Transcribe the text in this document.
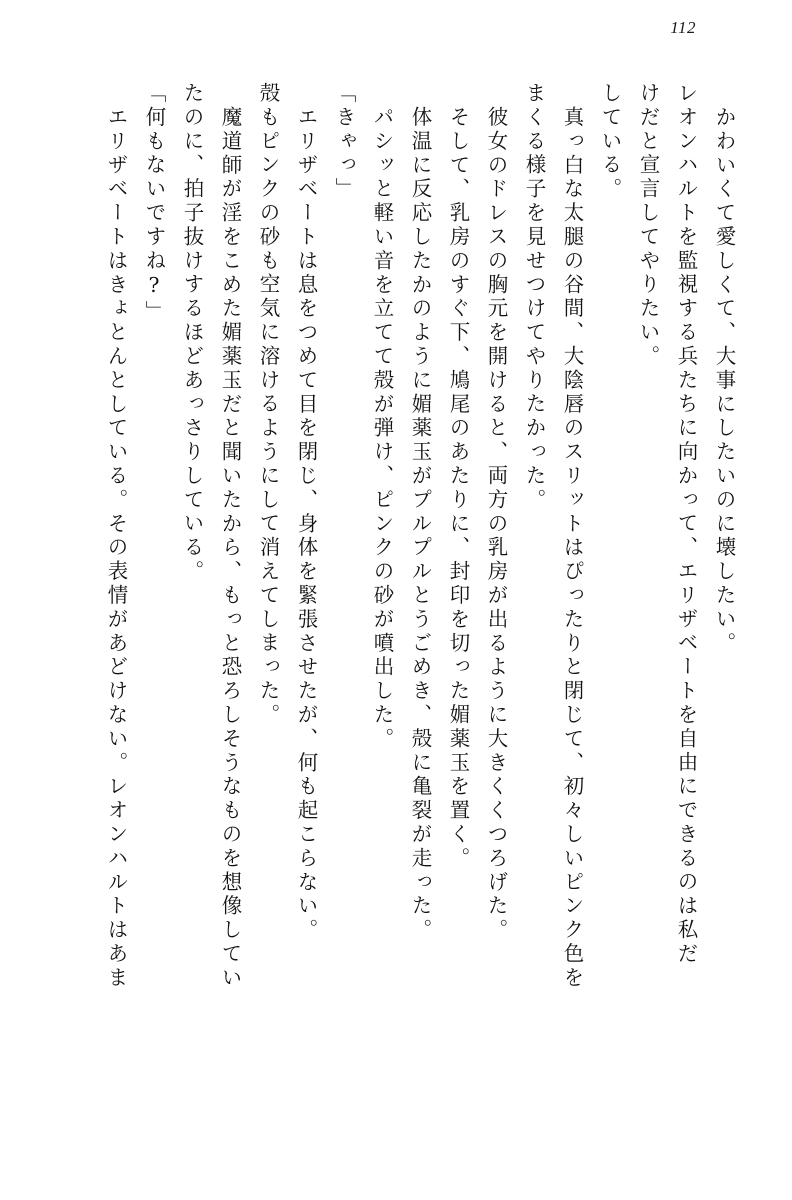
112
かわいくて愛しくて、大事にしたいのに壊したい。
レオンハルトを監視する兵たちに向かって、エリザベートを自由にできるのは私だ
けだと宣言してやりたい。
している。
真っ白な太腿の谷間、大陰唇のスリットはぴったりと閉じて、初々しいピンク色を
まくる様子を見せつけてやりたかった。
彼女のドレスの胸元を開けると、両方の乳房が出るように大きくくつろげた。
そして、乳房のすぐ下、鳩尾のあたりに、封印を切った媚薬玉を置く。
体温に反応したかのように媚薬玉がプルプルとうごめき、殻に亀裂が走った。
パシッと軽い音を立てて殻が弾け、ピンクの砂が噴出した。
「きゃっ」
エリザベートは息をつめて目を閉じ、身体を緊張させたが、何も起こらない。
殻もピンクの砂も空気に溶けるようにして消えてしまった。
魔道師が淫をこめた媚薬玉だと聞いたから、もっと恐ろしそうなものを想像してい
たのに、拍子抜けするほどあっさりしている。
「何もないですね?」
エリザベートはきょとんとしている。その表情があどけない。レオンハルトはあま
